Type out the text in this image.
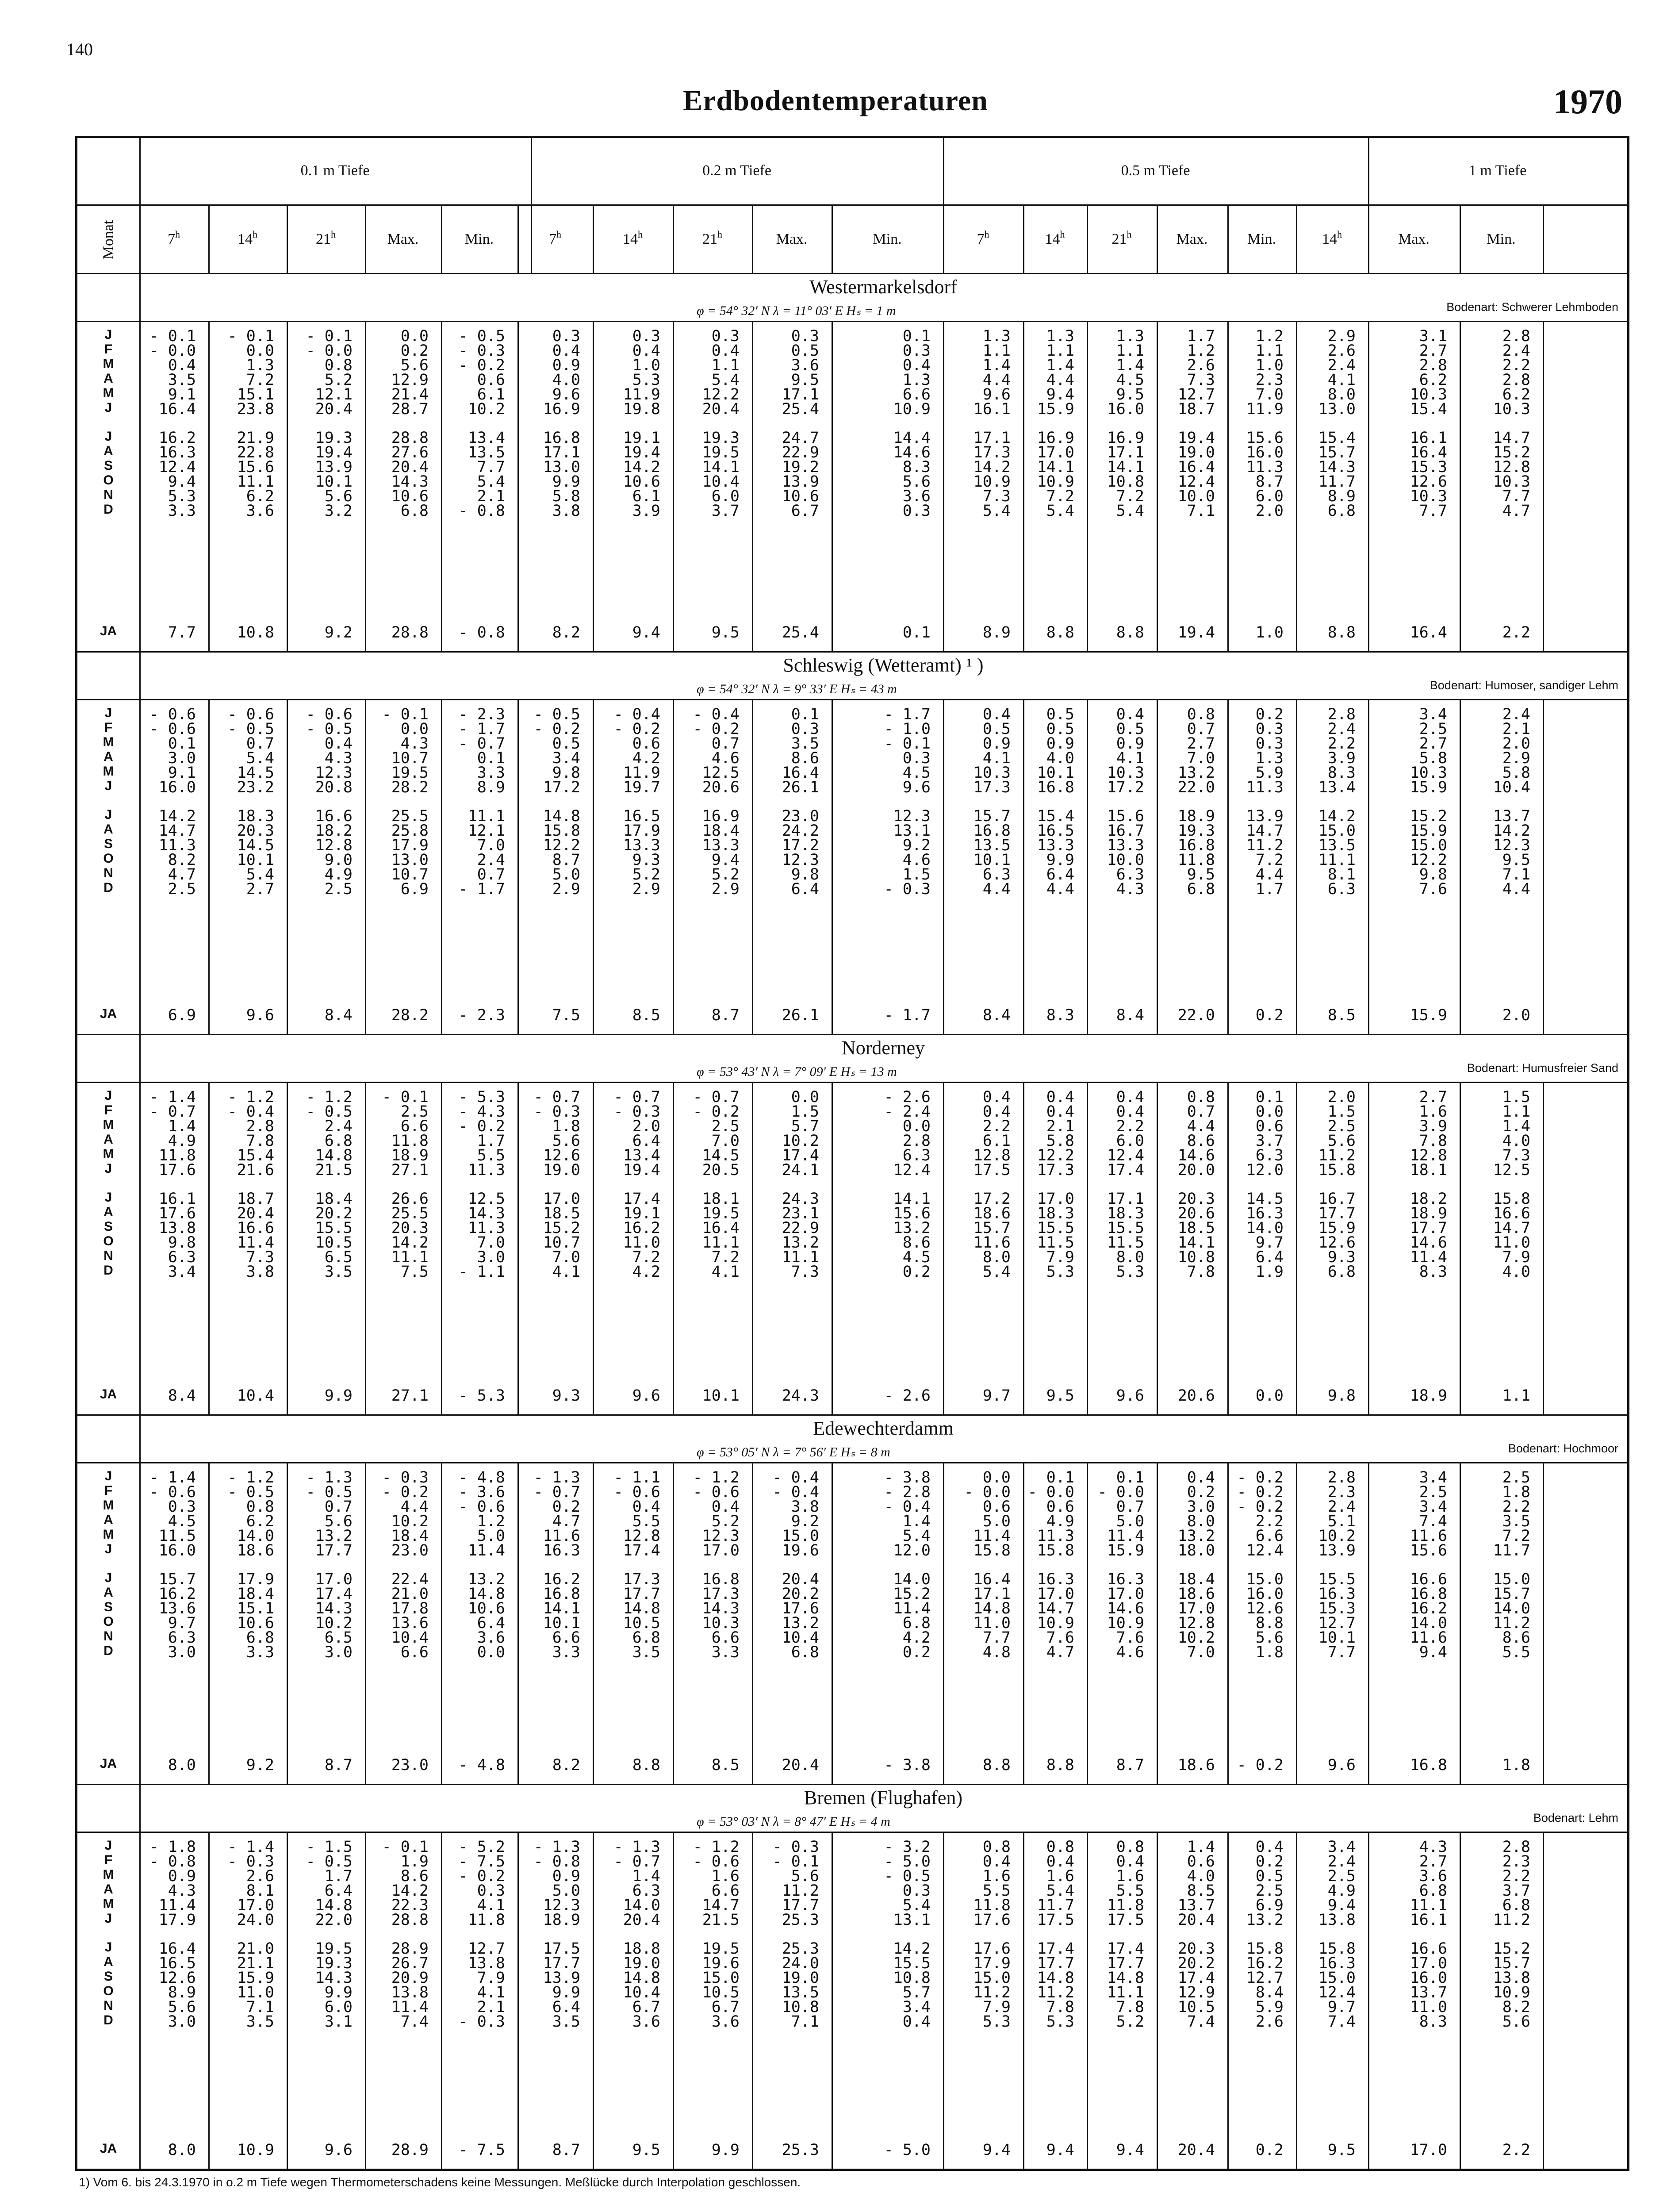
140
Erdbodentemperaturen	1970
Monat
0.1 m Tiefe	0.2 m Tiefe	0.5 m Tiefe	1 m Tiefe
7$^h$	14$^h$	21$^h$	Max.	Min.	7$^h$	14$^h$	21$^h$	Max.	Min.	7$^h$	14$^h$	21$^h$	Max.	Min.	14$^h$	Max.	Min.
Westermarkelsdorf
φ = 54° 32′ N λ = 11° 03′ E Hₛ = 1 m	Bodenart: Schwerer Lehmboden
J	- 0.1	- 0.1	- 0.1	0.0	- 0.5	0.3	0.3	0.3	0.3	0.1	1.3	1.3	1.3	1.7	1.2	2.9	3.1	2.8
F	- 0.0	0.0	- 0.0	0.2	- 0.3	0.4	0.4	0.4	0.5	0.3	1.1	1.1	1.1	1.2	1.1	2.6	2.7	2.4
M	0.4	1.3	0.8	5.6	- 0.2	0.9	1.0	1.1	3.6	0.4	1.4	1.4	1.4	2.6	1.0	2.4	2.8	2.2
A	3.5	7.2	5.2	12.9	0.6	4.0	5.3	5.4	9.5	1.3	4.4	4.4	4.5	7.3	2.3	4.1	6.2	2.8
M	9.1	15.1	12.1	21.4	6.1	9.6	11.9	12.2	17.1	6.6	9.6	9.4	9.5	12.7	7.0	8.0	10.3	6.2
J	16.4	23.8	20.4	28.7	10.2	16.9	19.8	20.4	25.4	10.9	16.1	15.9	16.0	18.7	11.9	13.0	15.4	10.3
J	16.2	21.9	19.3	28.8	13.4	16.8	19.1	19.3	24.7	14.4	17.1	16.9	16.9	19.4	15.6	15.4	16.1	14.7
A	16.3	22.8	19.4	27.6	13.5	17.1	19.4	19.5	22.9	14.6	17.3	17.0	17.1	19.0	16.0	15.7	16.4	15.2
S	12.4	15.6	13.9	20.4	7.7	13.0	14.2	14.1	19.2	8.3	14.2	14.1	14.1	16.4	11.3	14.3	15.3	12.8
O	9.4	11.1	10.1	14.3	5.4	9.9	10.6	10.4	13.9	5.6	10.9	10.9	10.8	12.4	8.7	11.7	12.6	10.3
N	5.3	6.2	5.6	10.6	2.1	5.8	6.1	6.0	10.6	3.6	7.3	7.2	7.2	10.0	6.0	8.9	10.3	7.7
D	3.3	3.6	3.2	6.8	- 0.8	3.8	3.9	3.7	6.7	0.3	5.4	5.4	5.4	7.1	2.0	6.8	7.7	4.7
JA	7.7	10.8	9.2	28.8	- 0.8	8.2	9.4	9.5	25.4	0.1	8.9	8.8	8.8	19.4	1.0	8.8	16.4	2.2
Schleswig (Wetteramt) ¹ )
φ = 54° 32′ N λ = 9° 33′ E Hₛ = 43 m	Bodenart: Humoser, sandiger Lehm
J	- 0.6	- 0.6	- 0.6	- 0.1	- 2.3	- 0.5	- 0.4	- 0.4	0.1	- 1.7	0.4	0.5	0.4	0.8	0.2	2.8	3.4	2.4
F	- 0.6	- 0.5	- 0.5	0.0	- 1.7	- 0.2	- 0.2	- 0.2	0.3	- 1.0	0.5	0.5	0.5	0.7	0.3	2.4	2.5	2.1
M	0.1	0.7	0.4	4.3	- 0.7	0.5	0.6	0.7	3.5	- 0.1	0.9	0.9	0.9	2.7	0.3	2.2	2.7	2.0
A	3.0	5.4	4.3	10.7	0.1	3.4	4.2	4.6	8.6	0.3	4.1	4.0	4.1	7.0	1.3	3.9	5.8	2.9
M	9.1	14.5	12.3	19.5	3.3	9.8	11.9	12.5	16.4	4.5	10.3	10.1	10.3	13.2	5.9	8.3	10.3	5.8
J	16.0	23.2	20.8	28.2	8.9	17.2	19.7	20.6	26.1	9.6	17.3	16.8	17.2	22.0	11.3	13.4	15.9	10.4
J	14.2	18.3	16.6	25.5	11.1	14.8	16.5	16.9	23.0	12.3	15.7	15.4	15.6	18.9	13.9	14.2	15.2	13.7
A	14.7	20.3	18.2	25.8	12.1	15.8	17.9	18.4	24.2	13.1	16.8	16.5	16.7	19.3	14.7	15.0	15.9	14.2
S	11.3	14.5	12.8	17.9	7.0	12.2	13.3	13.3	17.2	9.2	13.5	13.3	13.3	16.8	11.2	13.5	15.0	12.3
O	8.2	10.1	9.0	13.0	2.4	8.7	9.3	9.4	12.3	4.6	10.1	9.9	10.0	11.8	7.2	11.1	12.2	9.5
N	4.7	5.4	4.9	10.7	0.7	5.0	5.2	5.2	9.8	1.5	6.3	6.4	6.3	9.5	4.4	8.1	9.8	7.1
D	2.5	2.7	2.5	6.9	- 1.7	2.9	2.9	2.9	6.4	- 0.3	4.4	4.4	4.3	6.8	1.7	6.3	7.6	4.4
JA	6.9	9.6	8.4	28.2	- 2.3	7.5	8.5	8.7	26.1	- 1.7	8.4	8.3	8.4	22.0	0.2	8.5	15.9	2.0
Norderney
φ = 53° 43′ N λ = 7° 09′ E Hₛ = 13 m	Bodenart: Humusfreier Sand
J	- 1.4	- 1.2	- 1.2	- 0.1	- 5.3	- 0.7	- 0.7	- 0.7	0.0	- 2.6	0.4	0.4	0.4	0.8	0.1	2.0	2.7	1.5
F	- 0.7	- 0.4	- 0.5	2.5	- 4.3	- 0.3	- 0.3	- 0.2	1.5	- 2.4	0.4	0.4	0.4	0.7	0.0	1.5	1.6	1.1
M	1.4	2.8	2.4	6.6	- 0.2	1.8	2.0	2.5	5.7	0.0	2.2	2.1	2.2	4.4	0.6	2.5	3.9	1.4
A	4.9	7.8	6.8	11.8	1.7	5.6	6.4	7.0	10.2	2.8	6.1	5.8	6.0	8.6	3.7	5.6	7.8	4.0
M	11.8	15.4	14.8	18.9	5.5	12.6	13.4	14.5	17.4	6.3	12.8	12.2	12.4	14.6	6.3	11.2	12.8	7.3
J	17.6	21.6	21.5	27.1	11.3	19.0	19.4	20.5	24.1	12.4	17.5	17.3	17.4	20.0	12.0	15.8	18.1	12.5
J	16.1	18.7	18.4	26.6	12.5	17.0	17.4	18.1	24.3	14.1	17.2	17.0	17.1	20.3	14.5	16.7	18.2	15.8
A	17.6	20.4	20.2	25.5	14.3	18.5	19.1	19.5	23.1	15.6	18.6	18.3	18.3	20.6	16.3	17.7	18.9	16.6
S	13.8	16.6	15.5	20.3	11.3	15.2	16.2	16.4	22.9	13.2	15.7	15.5	15.5	18.5	14.0	15.9	17.7	14.7
O	9.8	11.4	10.5	14.2	7.0	10.7	11.0	11.1	13.2	8.6	11.6	11.5	11.5	14.1	9.7	12.6	14.6	11.0
N	6.3	7.3	6.5	11.1	3.0	7.0	7.2	7.2	11.1	4.5	8.0	7.9	8.0	10.8	6.4	9.3	11.4	7.9
D	3.4	3.8	3.5	7.5	- 1.1	4.1	4.2	4.1	7.3	0.2	5.4	5.3	5.3	7.8	1.9	6.8	8.3	4.0
JA	8.4	10.4	9.9	27.1	- 5.3	9.3	9.6	10.1	24.3	- 2.6	9.7	9.5	9.6	20.6	0.0	9.8	18.9	1.1
Edewechterdamm
φ = 53° 05′ N λ = 7° 56′ E Hₛ = 8 m	Bodenart: Hochmoor
J	- 1.4	- 1.2	- 1.3	- 0.3	- 4.8	- 1.3	- 1.1	- 1.2	- 0.4	- 3.8	0.0	0.1	0.1	0.4	- 0.2	2.8	3.4	2.5
F	- 0.6	- 0.5	- 0.5	- 0.2	- 3.6	- 0.7	- 0.6	- 0.6	- 0.4	- 2.8	- 0.0	- 0.0	- 0.0	0.2	- 0.2	2.3	2.5	1.8
M	0.3	0.8	0.7	4.4	- 0.6	0.2	0.4	0.4	3.8	- 0.4	0.6	0.6	0.7	3.0	- 0.2	2.4	3.4	2.2
A	4.5	6.2	5.6	10.2	1.2	4.7	5.5	5.2	9.2	1.4	5.0	4.9	5.0	8.0	2.2	5.1	7.4	3.5
M	11.5	14.0	13.2	18.4	5.0	11.6	12.8	12.3	15.0	5.4	11.4	11.3	11.4	13.2	6.6	10.2	11.6	7.2
J	16.0	18.6	17.7	23.0	11.4	16.3	17.4	17.0	19.6	12.0	15.8	15.8	15.9	18.0	12.4	13.9	15.6	11.7
J	15.7	17.9	17.0	22.4	13.2	16.2	17.3	16.8	20.4	14.0	16.4	16.3	16.3	18.4	15.0	15.5	16.6	15.0
A	16.2	18.4	17.4	21.0	14.8	16.8	17.7	17.3	20.2	15.2	17.1	17.0	17.0	18.6	16.0	16.3	16.8	15.7
S	13.6	15.1	14.3	17.8	10.6	14.1	14.8	14.3	17.6	11.4	14.8	14.7	14.6	17.0	12.6	15.3	16.2	14.0
O	9.7	10.6	10.2	13.6	6.4	10.1	10.5	10.3	13.2	6.8	11.0	10.9	10.9	12.8	8.8	12.7	14.0	11.2
N	6.3	6.8	6.5	10.4	3.6	6.6	6.8	6.6	10.4	4.2	7.7	7.6	7.6	10.2	5.6	10.1	11.6	8.6
D	3.0	3.3	3.0	6.6	0.0	3.3	3.5	3.3	6.8	0.2	4.8	4.7	4.6	7.0	1.8	7.7	9.4	5.5
JA	8.0	9.2	8.7	23.0	- 4.8	8.2	8.8	8.5	20.4	- 3.8	8.8	8.8	8.7	18.6	- 0.2	9.6	16.8	1.8
Bremen (Flughafen)
φ = 53° 03′ N λ = 8° 47′ E Hₛ = 4 m	Bodenart: Lehm
J	- 1.8	- 1.4	- 1.5	- 0.1	- 5.2	- 1.3	- 1.3	- 1.2	- 0.3	- 3.2	0.8	0.8	0.8	1.4	0.4	3.4	4.3	2.8
F	- 0.8	- 0.3	- 0.5	1.9	- 7.5	- 0.8	- 0.7	- 0.6	- 0.1	- 5.0	0.4	0.4	0.4	0.6	0.2	2.4	2.7	2.3
M	0.9	2.6	1.7	8.6	- 0.2	0.9	1.4	1.6	5.6	- 0.5	1.6	1.6	1.6	4.0	0.5	2.5	3.6	2.2
A	4.3	8.1	6.4	14.2	0.3	5.0	6.3	6.6	11.2	0.3	5.5	5.4	5.5	8.5	2.5	4.9	6.8	3.7
M	11.4	17.0	14.8	22.3	4.1	12.3	14.0	14.7	17.7	5.4	11.8	11.7	11.8	13.7	6.9	9.4	11.1	6.8
J	17.9	24.0	22.0	28.8	11.8	18.9	20.4	21.5	25.3	13.1	17.6	17.5	17.5	20.4	13.2	13.8	16.1	11.2
J	16.4	21.0	19.5	28.9	12.7	17.5	18.8	19.5	25.3	14.2	17.6	17.4	17.4	20.3	15.8	15.8	16.6	15.2
A	16.5	21.1	19.3	26.7	13.8	17.7	19.0	19.6	24.0	15.5	17.9	17.7	17.7	20.2	16.2	16.3	17.0	15.7
S	12.6	15.9	14.3	20.9	7.9	13.9	14.8	15.0	19.0	10.8	15.0	14.8	14.8	17.4	12.7	15.0	16.0	13.8
O	8.9	11.0	9.9	13.8	4.1	9.9	10.4	10.5	13.5	5.7	11.2	11.2	11.1	12.9	8.4	12.4	13.7	10.9
N	5.6	7.1	6.0	11.4	2.1	6.4	6.7	6.7	10.8	3.4	7.9	7.8	7.8	10.5	5.9	9.7	11.0	8.2
D	3.0	3.5	3.1	7.4	- 0.3	3.5	3.6	3.6	7.1	0.4	5.3	5.3	5.2	7.4	2.6	7.4	8.3	5.6
JA	8.0	10.9	9.6	28.9	- 7.5	8.7	9.5	9.9	25.3	- 5.0	9.4	9.4	9.4	20.4	0.2	9.5	17.0	2.2
1) Vom 6. bis 24.3.1970 in o.2 m Tiefe wegen Thermometerschadens keine Messungen. Meßlücke durch Interpolation geschlossen.
